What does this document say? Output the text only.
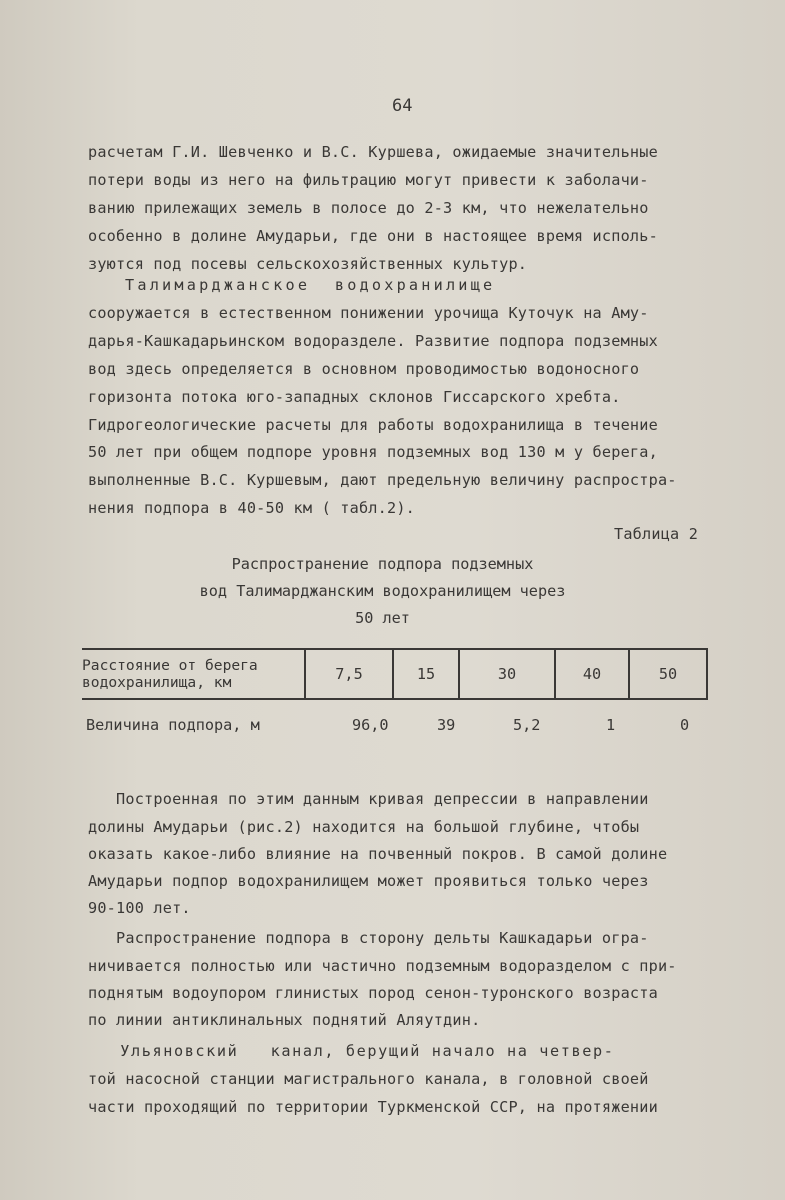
64
расчетам Г.И. Шевченко и В.С. Куршева, ожидаемые значительные
потери воды из него на фильтрацию могут привести к заболачи-
ванию прилежащих земель в полосе до 2-3 км, что нежелательно
особенно в долине Амударьи, где они в настоящее время исполь-
зуются под посевы сельскохозяйственных культур.
Талимарджанское  водохранилище
сооружается в естественном понижении урочища Куточук на Аму-
дарья-Кашкадарьинском водоразделе. Развитие подпора подземных
вод здесь определяется в основном проводимостью водоносного
горизонта потока юго-западных склонов Гиссарского хребта.
Гидрогеологические расчеты для работы водохранилища в течение
50 лет при общем подпоре уровня подземных вод 130 м у берега,
выполненные В.С. Куршевым, дают предельную величину распростра-
нения подпора в 40-50 км ( табл.2).
Таблица 2
Распространение подпора подземных
вод Талимарджанским водохранилищем через
50 лет
Расстояние от берега
водохранилища, км	7,5	15	30	40	50
Величина подпора, м	96,0	39	5,2	1	0
Построенная по этим данным кривая депрессии в направлении
долины Амударьи (рис.2) находится на большой глубине, чтобы
оказать какое-либо влияние на почвенный покров. В самой долине
Амударьи подпор водохранилищем может проявиться только через
90-100 лет.
Распространение подпора в сторону дельты Кашкадарьи огра-
ничивается полностью или частично подземным водоразделом с при-
поднятым водоупором глинистых пород сенон-туронского возраста
по линии антиклинальных поднятий Аляутдин.
Ульяновский   канал, берущий начало на четвер-
той насосной станции магистрального канала, в головной своей
части проходящий по территории Туркменской ССР, на протяжении
